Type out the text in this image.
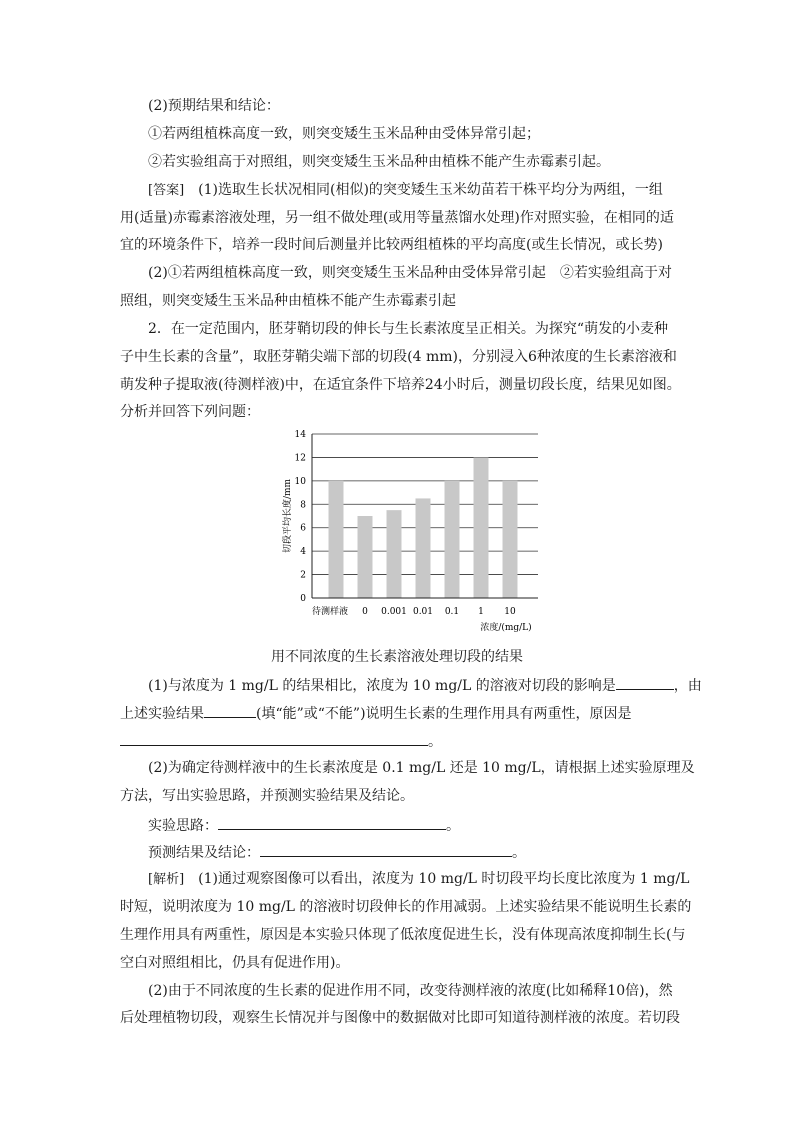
(2)预期结果和结论：
①若两组植株高度一致，则突变矮生玉米品种由受体异常引起；
②若实验组高于对照组，则突变矮生玉米品种由植株不能产生赤霉素引起。
[答案]　(1)选取生长状况相同(相似)的突变矮生玉米幼苗若干株平均分为两组，一组
用(适量)赤霉素溶液处理，另一组不做处理(或用等量蒸馏水处理)作对照实验，在相同的适
宜的环境条件下，培养一段时间后测量并比较两组植株的平均高度(或生长情况，或长势)
(2)①若两组植株高度一致，则突变矮生玉米品种由受体异常引起　②若实验组高于对
照组，则突变矮生玉米品种由植株不能产生赤霉素引起
2．在一定范围内，胚芽鞘切段的伸长与生长素浓度呈正相关。为探究“萌发的小麦种
子中生长素的含量”，取胚芽鞘尖端下部的切段(4 mm)，分别浸入6种浓度的生长素溶液和
萌发种子提取液(待测样液)中，在适宜条件下培养24小时后，测量切段长度，结果见如图。
分析并回答下列问题：
0
2
4
6
8
10
12
14
待测样液 0 0.001 0.01 0.1 1 10
切段平均长度/mm
浓度/(mg/L)
用不同浓度的生长素溶液处理切段的结果
(1)与浓度为 1 mg/L 的结果相比，浓度为 10 mg/L 的溶液对切段的影响是	，由
上述实验结果	(填“能”或“不能”)说明生长素的生理作用具有两重性，原因是
。
(2)为确定待测样液中的生长素浓度是 0.1 mg/L 还是 10 mg/L，请根据上述实验原理及
方法，写出实验思路，并预测实验结果及结论。
实验思路：	。
预测结果及结论：	。
[解析]　(1)通过观察图像可以看出，浓度为 10 mg/L 时切段平均长度比浓度为 1 mg/L
时短，说明浓度为 10 mg/L 的溶液时切段伸长的作用减弱。上述实验结果不能说明生长素的
生理作用具有两重性，原因是本实验只体现了低浓度促进生长，没有体现高浓度抑制生长(与
空白对照组相比，仍具有促进作用)。
(2)由于不同浓度的生长素的促进作用不同，改变待测样液的浓度(比如稀释10倍)，然
后处理植物切段，观察生长情况并与图像中的数据做对比即可知道待测样液的浓度。若切段
